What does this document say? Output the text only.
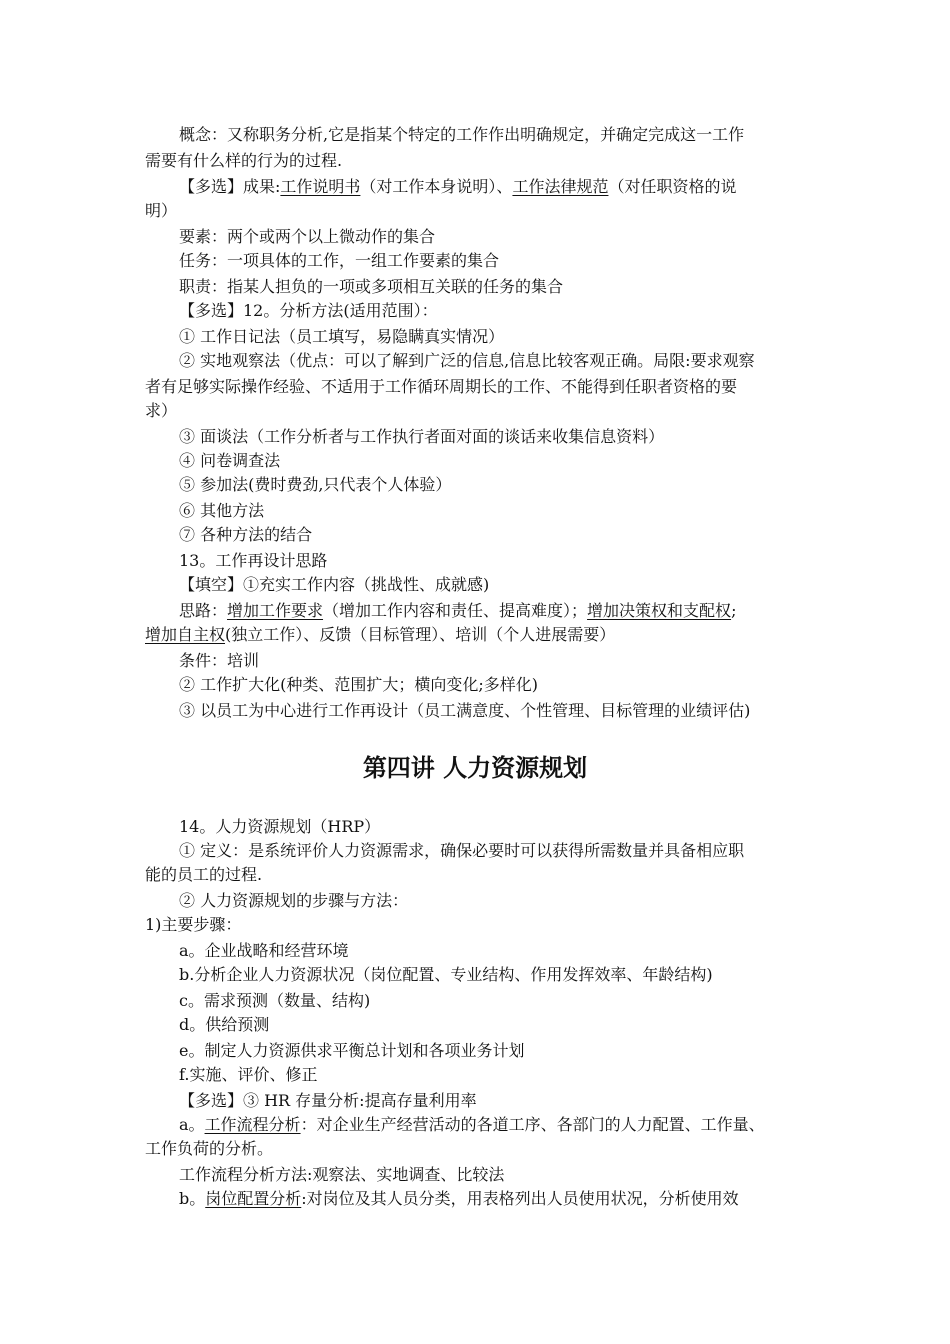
概念：又称职务分析,它是指某个特定的工作作出明确规定，并确定完成这一工作
需要有什么样的行为的过程.
【多选】成果:工作说明书（对工作本身说明）、工作法律规范（对任职资格的说
明）
要素：两个或两个以上微动作的集合
任务：一项具体的工作，一组工作要素的集合
职责：指某人担负的一项或多项相互关联的任务的集合
【多选】12。分析方法(适用范围）：
① 工作日记法（员工填写，易隐瞒真实情况）
② 实地观察法（优点：可以了解到广泛的信息,信息比较客观正确。局限:要求观察
者有足够实际操作经验、不适用于工作循环周期长的工作、不能得到任职者资格的要
求）
③ 面谈法（工作分析者与工作执行者面对面的谈话来收集信息资料）
④ 问卷调查法
⑤ 参加法(费时费劲,只代表个人体验）
⑥ 其他方法
⑦ 各种方法的结合
13。工作再设计思路
【填空】①充实工作内容（挑战性、成就感)
思路：增加工作要求（增加工作内容和责任、提高难度）；增加决策权和支配权;
增加自主权(独立工作）、反馈（目标管理）、培训（个人进展需要）
条件：培训
② 工作扩大化(种类、范围扩大；横向变化;多样化)
③ 以员工为中心进行工作再设计（员工满意度、个性管理、目标管理的业绩评估)
第四讲 人力资源规划
14。人力资源规划（HRP）
① 定义：是系统评价人力资源需求，确保必要时可以获得所需数量并具备相应职
能的员工的过程.
② 人力资源规划的步骤与方法：
1)主要步骤：
a。企业战略和经营环境
b.分析企业人力资源状况（岗位配置、专业结构、作用发挥效率、年龄结构)
c。需求预测（数量、结构)
d。供给预测
e。制定人力资源供求平衡总计划和各项业务计划
f.实施、评价、修正
【多选】③ HR 存量分析:提高存量利用率
a。工作流程分析：对企业生产经营活动的各道工序、各部门的人力配置、工作量、
工作负荷的分析。
工作流程分析方法:观察法、实地调查、比较法
b。岗位配置分析:对岗位及其人员分类，用表格列出人员使用状况，分析使用效
